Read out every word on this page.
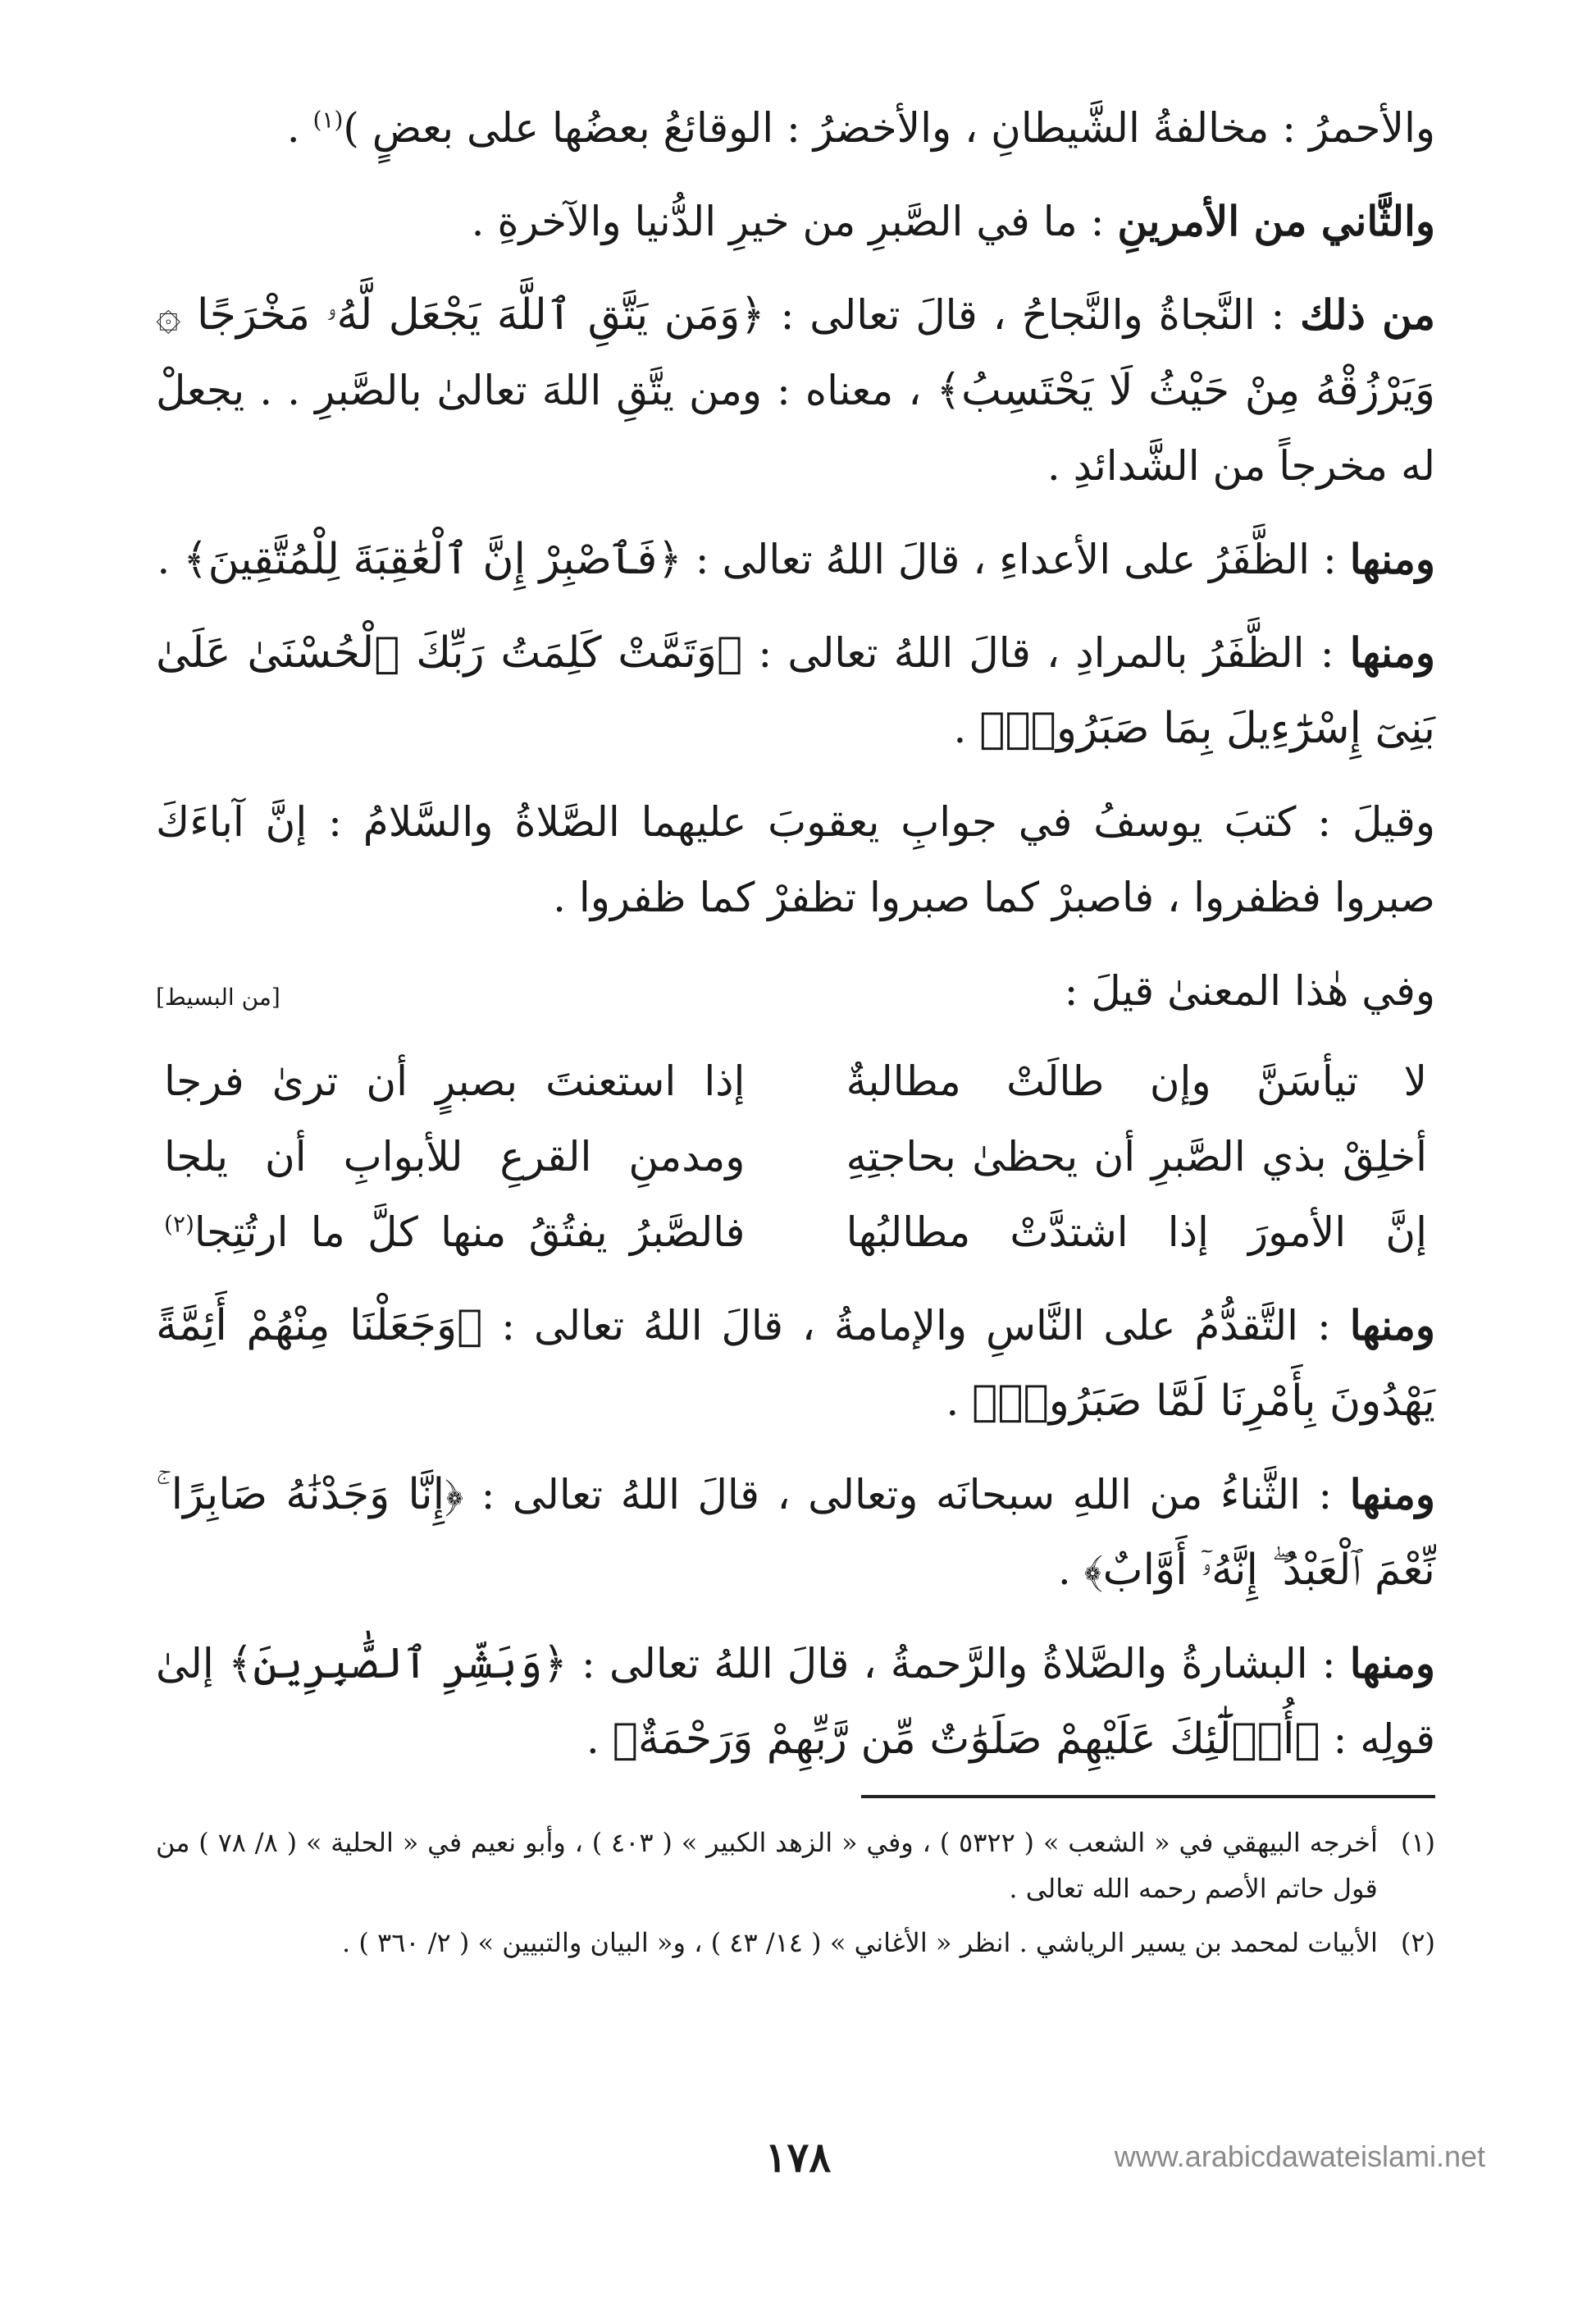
والأحمرُ : مخالفةُ الشَّيطانِ ، والأخضرُ : الوقائعُ بعضُها على بعضٍ )$^{(١)}$ .

والثَّاني من الأمرينِ : ما في الصَّبرِ من خيرِ الدُّنيا والآخرةِ .

من ذلك : النَّجاةُ والنَّجاحُ ، قالَ تعالى : ﴿وَمَن يَتَّقِ ٱللَّهَ يَجْعَل لَّهُۥ مَخْرَجًا ۞ وَيَرْزُقْهُ مِنْ حَيْثُ لَا يَحْتَسِبُ﴾ ، معناه : ومن يتَّقِ اللهَ تعالىٰ بالصَّبرِ . . يجعلْ له مخرجاً من الشَّدائدِ .

ومنها : الظَّفَرُ على الأعداءِ ، قالَ اللهُ تعالى : ﴿فَٱصْبِرْ إِنَّ ٱلْعَٰقِبَةَ لِلْمُتَّقِينَ﴾ .

ومنها : الظَّفَرُ بالمرادِ ، قالَ اللهُ تعالى : ﴿وَتَمَّتْ كَلِمَتُ رَبِّكَ ٱلْحُسْنَىٰ عَلَىٰ بَنِىٓ إِسْرَٰٓءِيلَ بِمَا صَبَرُوا۟﴾ .

وقيلَ : كتبَ يوسفُ في جوابِ يعقوبَ عليهما الصَّلاةُ والسَّلامُ : إنَّ آباءَكَ صبروا فظفروا ، فاصبرْ كما صبروا تظفرْ كما ظفروا .

وفي هٰذا المعنىٰ قيلَ :
[من البسيط]
لا تيأسَنَّ وإن طالَتْ مطالبةٌ
إذا استعنتَ بصبرٍ أن ترىٰ فرجا
أخلِقْ بذي الصَّبرِ أن يحظىٰ بحاجتِهِ
ومدمنِ القرعِ للأبوابِ أن يلجا
إنَّ الأمورَ إذا اشتدَّتْ مطالبُها
فالصَّبرُ يفتُقُ منها كلَّ ما ارتُتِجا$^{(٢)}$

ومنها : التَّقدُّمُ على النَّاسِ والإمامةُ ، قالَ اللهُ تعالى : ﴿وَجَعَلْنَا مِنْهُمْ أَئِمَّةً يَهْدُونَ بِأَمْرِنَا لَمَّا صَبَرُوا۟﴾ .

ومنها : الثَّناءُ من اللهِ سبحانَه وتعالى ، قالَ اللهُ تعالى : ﴿إِنَّا وَجَدْنَٰهُ صَابِرًا ۚ نِّعْمَ ٱلْعَبْدُ ۖ إِنَّهُۥٓ أَوَّابٌ﴾ .

ومنها : البشارةُ والصَّلاةُ والرَّحمةُ ، قالَ اللهُ تعالى : ﴿وَبَشِّرِ ٱلصَّٰبِرِينَ﴾ إلىٰ قولِه : ﴿أُو۟لَٰٓئِكَ عَلَيْهِمْ صَلَوَٰتٌ مِّن رَّبِّهِمْ وَرَحْمَةٌ﴾ .

(١)
أخرجه البيهقي في « الشعب » ( ٥٣٢٢ ) ، وفي « الزهد الكبير » ( ٤٠٣ ) ، وأبو نعيم في « الحلية » ( ٨/ ٧٨ ) من قول حاتم الأصم رحمه الله تعالى .
(٢)
الأبيات لمحمد بن يسير الرياشي . انظر « الأغاني » ( ١٤/ ٤٣ ) ، و« البيان والتبيين » ( ٢/ ٣٦٠ ) .
١٧٨	www.arabicdawateislami.net
